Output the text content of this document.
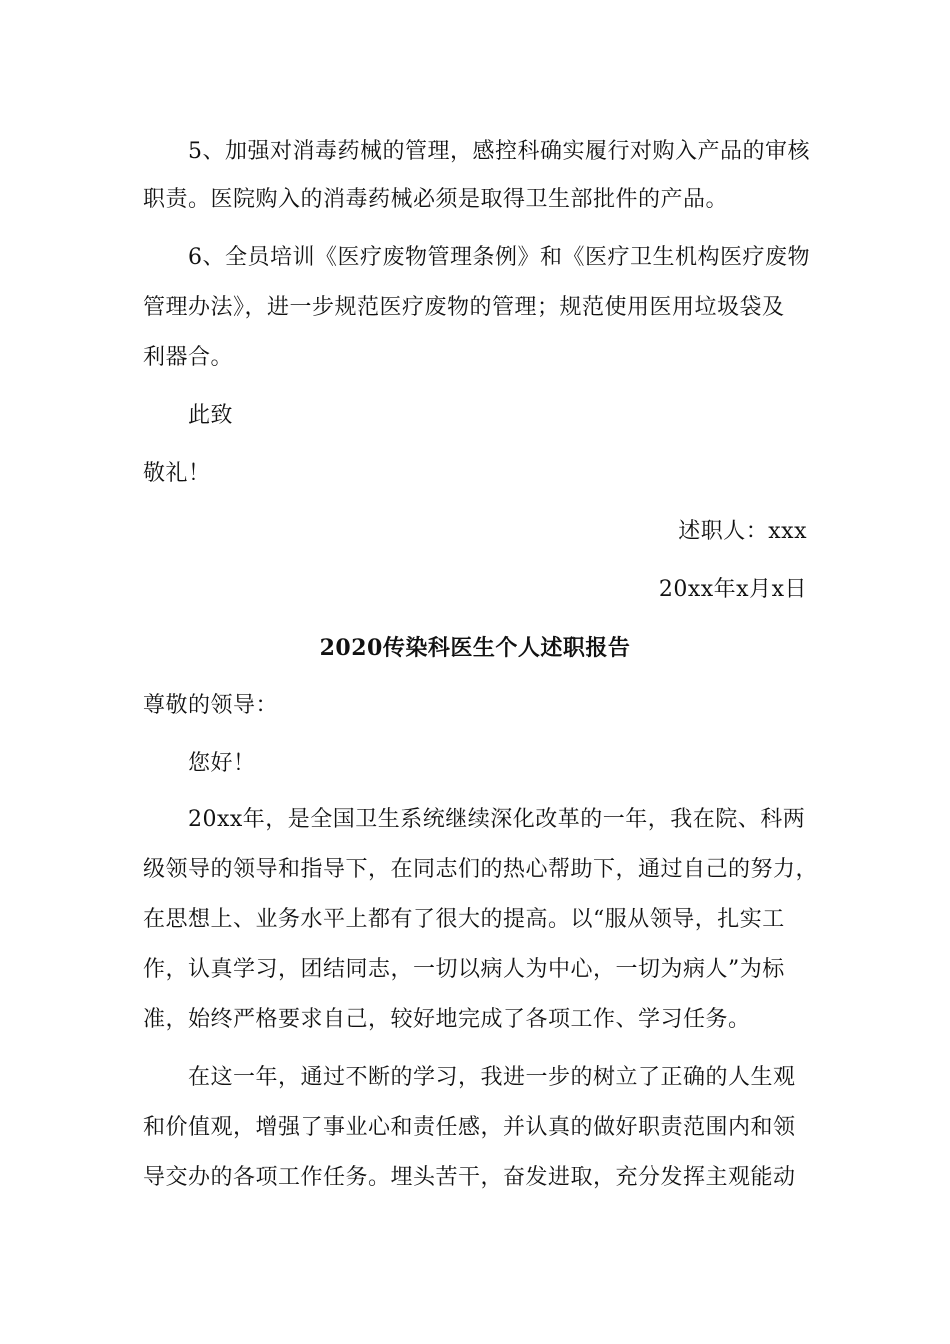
5、加强对消毒药械的管理，感控科确实履行对购入产品的审核
职责。医院购入的消毒药械必须是取得卫生部批件的产品。
6、全员培训《医疗废物管理条例》和《医疗卫生机构医疗废物
管理办法》，进一步规范医疗废物的管理；规范使用医用垃圾袋及
利器合。
此致
敬礼！
述职人：xxx
20xx年x月x日
2020传染科医生个人述职报告
尊敬的领导：
您好！
20xx年，是全国卫生系统继续深化改革的一年，我在院、科两
级领导的领导和指导下，在同志们的热心帮助下，通过自己的努力，
在思想上、业务水平上都有了很大的提高。以“服从领导，扎实工
作，认真学习，团结同志，一切以病人为中心，一切为病人”为标
准，始终严格要求自己，较好地完成了各项工作、学习任务。
在这一年，通过不断的学习，我进一步的树立了正确的人生观
和价值观，增强了事业心和责任感，并认真的做好职责范围内和领
导交办的各项工作任务。埋头苦干，奋发进取，充分发挥主观能动
